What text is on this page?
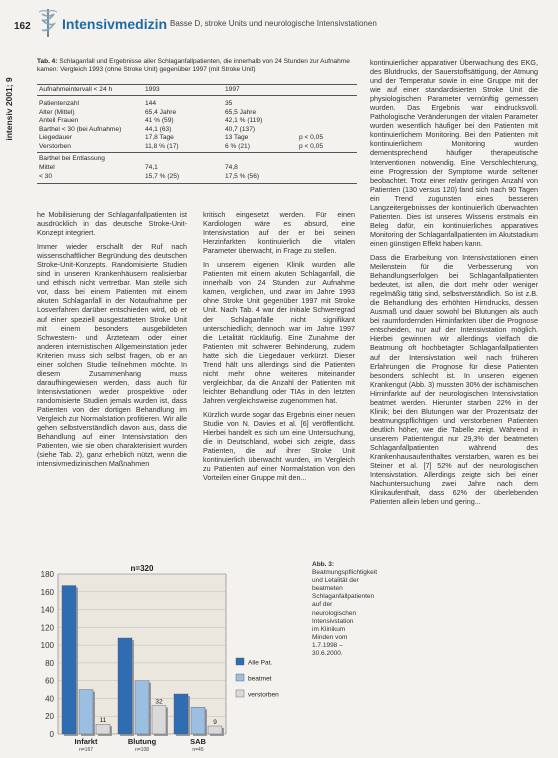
162 Intensivmedizin Basse D, stroke Units und neurologische Intensivstationen
intensiv 2001; 9
Tab. 4: Schlaganfall und Ergebnisse aller Schlaganfallpatienten, die innerhalb von 24 Stunden zur Aufnahme kamen: Vergleich 1993 (ohne Stroke Unit) gegenüber 1997 (mit Stroke Unit)
Aufnahmeintervall < 24 h	1993	1997
Patientenzahl	144	35
Alter (Mittel)	65,4 Jahre	65,5 Jahre
Anteil Frauen	41 % (59)	42,1 % (119)
Barthel < 30 (bei Aufnahme)	44,1 (63)	40,7 (137)
Liegedauer	17,8 Tage	13 Tage	p < 0,05
Verstorben	11,8 % (17)	6 % (21)	p < 0,05
Barthel bei Entlassung
Mittel	74,1	74,8
< 30	15,7 % (25)	17,5 % (56)

he Mobilisierung der Schlaganfallpatienten ist ausdrücklich in das deutsche Stroke-Unit-Konzept integriert.

Immer wieder erschallt der Ruf nach wissenschaftlicher Begründung des deutschen Stroke-Unit-Konzepts. Randomisierte Studien sind in unseren Krankenhäusern realisierbar und ethisch nicht vertretbar. Man stelle sich vor, dass bei einem Patienten mit einem akuten Schlaganfall in der Notaufnahme per Losverfahren darüber entschieden wird, ob er auf einer speziell ausgestatteten Stroke Unit mit einem besonders ausgebildeten Schwestern- und Ärzteteam oder einer anderen internistischen Allgemeinstation jeder Kriterien muss sich selbst fragen, ob er an einer solchen Studie teilnehmen möchte. In diesem Zusammenhang muss daraufhingewiesen werden, dass auch für Intensivstationen weder prospektive oder randomisierte Studien jemals wurden ist, dass Patienten von der dortigen Behandlung im Vergleich zur Normalstation profitieren. Wir alle gehen selbstverständlich davon aus, dass die Behandlung auf einer Intensivstation den Patienten, wie sie oben charakterisiert wurden (siehe Tab. 2), ganz erheblich nützt, wenn die intensivmedizinischen Maßnahmen

kritisch eingesetzt werden. Für einen Kardiologen wäre es absurd, eine Intensivstation auf der er bei seinen Herzinfarkten kontinuierlich die vitalen Parameter überwacht, in Frage zu stellen.

In unserem eigenen Klinik wurden alle Patienten mit einem akuten Schlaganfall, die innerhalb von 24 Stunden zur Aufnahme kamen, verglichen, und zwar im Jahre 1993 ohne Stroke Unit gegenüber 1997 mit Stroke Unit. Nach Tab. 4 war der initiale Schweregrad der Schlaganfälle nicht signifikant unterschiedlich; dennoch war im Jahre 1997 die Letalität rückläufig. Eine Zunahme der Patienten mit schwerer Behinderung, zudem hatte sich die Liegedauer verkürzt. Dieser Trend hält uns allerdings sind die Patienten nicht mehr ohne weiteres miteinander vergleichbar, da die Anzahl der Patienten mit leichter Behandlung oder TIAs in den letzten Jahren vergleichsweise zugenommen hat.

Kürzlich wurde sogar das Ergebnis einer neuen Studie von N. Davies et al. [6] veröffentlicht. Hierbei handelt es sich um eine Untersuchung, die in Deutschland, wobei sich zeigte, dass Patienten, die auf ihrer Stroke Unit kontinuierlich überwacht wurden, im Vergleich zu Patienten auf einer Normalstation von den Vorteilen einer Gruppe mit den...

kontinuierlicher apparativer Überwachung des EKG, des Blutdrucks, der Sauerstoffsättigung, der Atmung und der Temperatur sowie in eine Gruppe mit der wie auf einer standardisierten Stroke Unit die physiologischen Parameter vernünftig gemessen wurden. Das Ergebnis war eindrucksvoll. Pathologische Veränderungen der vitalen Parameter wurden wesentlich häufiger bei den Patienten mit kontinuierlichem Monitoring. Bei den Patienten mit kontinuierlichem Monitoring wurden dementsprechend häufiger therapeutische Interventionen notwendig. Eine Verschlechterung, eine Progression der Symptome wurde seltener beobachtet. Trotz einer relativ geringen Anzahl von Patienten (130 versus 120) fand sich nach 90 Tagen ein Trend zugunsten eines besseren Langzeitergebnisses der kontinuierlich überwachten Patienten. Dies ist unseres Wissens erstmals ein Beleg dafür, ein kontinuierliches apparatives Monitoring der Schlaganfallpatienten im Akutstadium einen günstigen Effekt haben kann.

Dass die Erarbeitung von Intensivstationen einen Meilenstein für die Verbesserung von Behandlungserfolgen bei Schlaganfallpatienten bedeutet, ist allen, die dort mehr oder weniger regelmäßig tätig sind, selbstverständlich. So ist z.B. die Behandlung des erhöhten Hirndrucks, dessen Ausmaß und dauer sowohl bei Blutungen als auch bei raumfordernden Hirninfarkten über die Prognose entscheiden, nur auf der Intensivstation möglich. Hierbei gewinnen wir allerdings vielfach die Beatmung oft hochbetagter Schlaganfallpatienten auf der Intensivstation weil nach früheren Erfahrungen die Prognose für diese Patienten besonders schlecht ist. In unseren eigenen Krankengut (Abb. 3) mussten 30% der ischämischen Hirninfarkte auf der neurologischen Intensivstation beatmet werden. Hierunter starben 22% in der Klinik; bei den Blutungen war der Prozentsatz der beatmungspflichtigen und verstorbenen Patienten deutlich höher, wie die Tabelle zeigt. Während in unserem Patientengut nur 29,3% der beatmeten Schlaganfallpatienten während des Krankenhausaufenthaltes verstarben, waren es bei Steiner et al. [7] 52% auf der neurologischen Intensivstation. Allerdings zeigte sich bei einer Nachuntersuchung zwei Jahre nach dem Klinikaufenthalt, dass 62% der überlebenden Patienten allein leben und gering...

0
20
40
60
80
100
120
140
160
180
n=320
11
Infarkt
n=167
32
Blutung
n=108
9
SAB
n=45
Alle Pat.
beatmet
verstorben
Abb. 3: Beatmungspflichtigkeit und Letalität der beatmeten Schlaganfallpatienten auf der neurologischen Intensivstation im Klinikum Minden vom 1.7.1998 – 30.6.2000.
